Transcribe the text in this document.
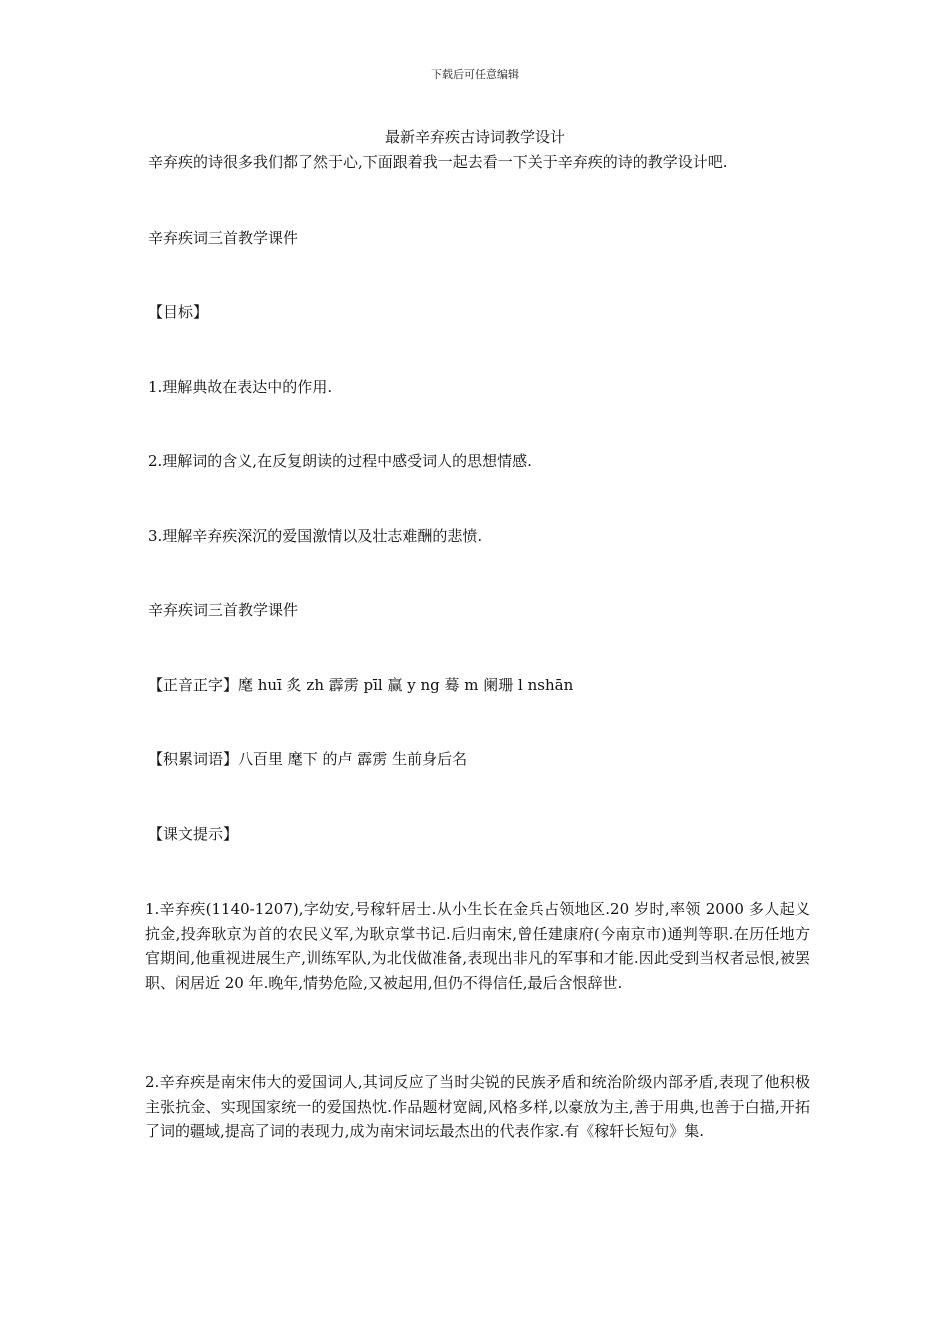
下载后可任意编辑
最新辛弃疾古诗词教学设计
辛弃疾的诗很多我们都了然于心,下面跟着我一起去看一下关于辛弃疾的诗的教学设计吧.
辛弃疾词三首教学课件
【目标】
1.理解典故在表达中的作用.
2.理解词的含义,在反复朗读的过程中感受词人的思想情感.
3.理解辛弃疾深沉的爱国激情以及壮志难酬的悲愤.
辛弃疾词三首教学课件
【正音正字】麾 huī 炙 zh 霹雳 pīl 赢 y ng 蓦 m 阑珊 l nshān
【积累词语】八百里 麾下 的卢 霹雳 生前身后名
【课文提示】
1.辛弃疾(1140-1207),字幼安,号稼轩居士.从小生长在金兵占领地区.20 岁时,率领 2000 多人起义抗金,投奔耿京为首的农民义军,为耿京掌书记.后归南宋,曾任建康府(今南京市)通判等职.在历任地方官期间,他重视进展生产,训练军队,为北伐做准备,表现出非凡的军事和才能.因此受到当权者忌恨,被罢职、闲居近 20 年.晚年,情势危险,又被起用,但仍不得信任,最后含恨辞世.
2.辛弃疾是南宋伟大的爱国词人,其词反应了当时尖锐的民族矛盾和统治阶级内部矛盾,表现了他积极主张抗金、实现国家统一的爱国热忱.作品题材宽阔,风格多样,以豪放为主,善于用典,也善于白描,开拓了词的疆域,提高了词的表现力,成为南宋词坛最杰出的代表作家.有《稼轩长短句》集.
